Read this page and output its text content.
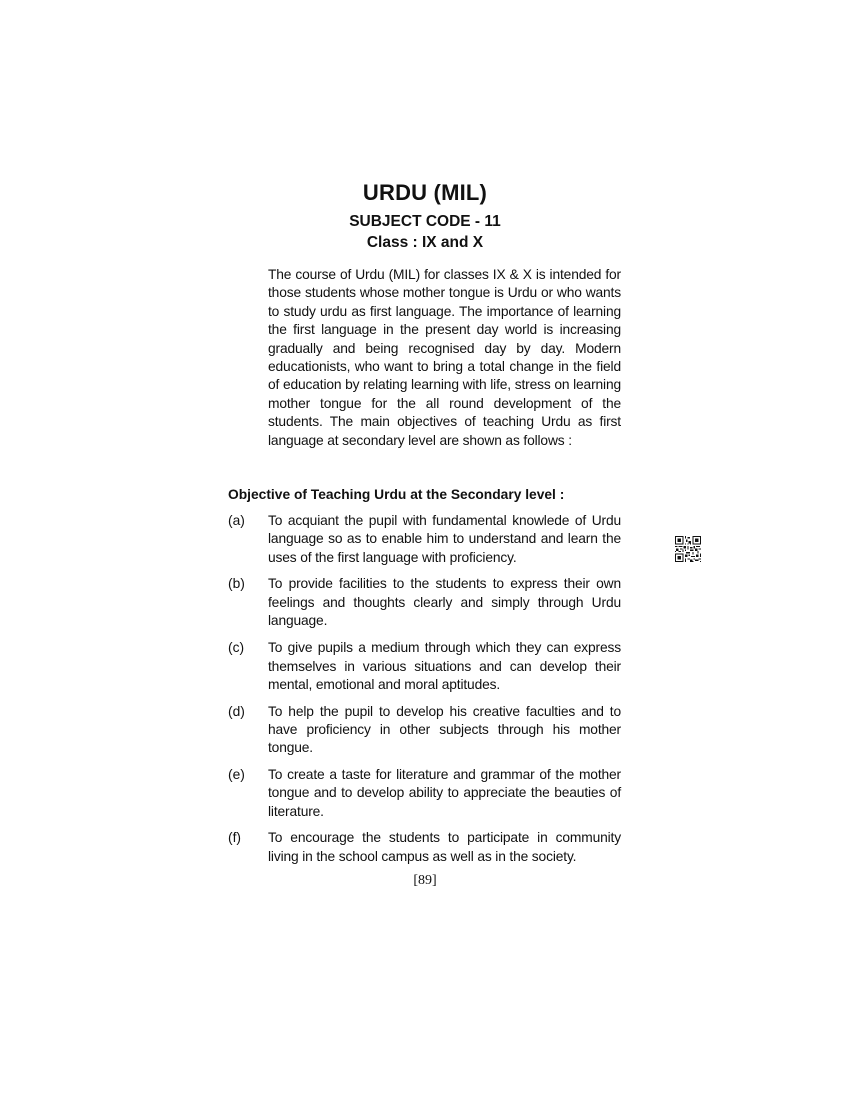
URDU (MIL)
SUBJECT CODE - 11
Class : IX and X

The course of Urdu (MIL) for classes IX & X is intended for those students whose mother tongue is Urdu or who wants to study urdu as first language. The importance of learning the first language in the present day world is increasing gradually and being recognised day by day. Modern educationists, who want to bring a total change in the field of education by relating learning with life, stress on learning mother tongue for the all round development of the students. The main objectives of teaching Urdu as first language at secondary level are shown as follows :

Objective of Teaching Urdu at the Secondary level :
(a)	To acquiant the pupil with fundamental knowlede of Urdu language so as to enable him to understand and learn the uses of the first language with proficiency.
(b)	To provide facilities to the students to express their own feelings and thoughts clearly and simply through Urdu language.
(c)	To give pupils a medium through which they can express themselves in various situations and can develop their mental, emotional and moral aptitudes.
(d)	To help the pupil to develop his creative faculties and to have proficiency in other subjects through his mother tongue.
(e)	To create a taste for literature and grammar of the mother tongue and to develop ability to appreciate the beauties of literature.
(f)	To encourage the students to participate in community living in the school campus as well as in the society.
[89]
